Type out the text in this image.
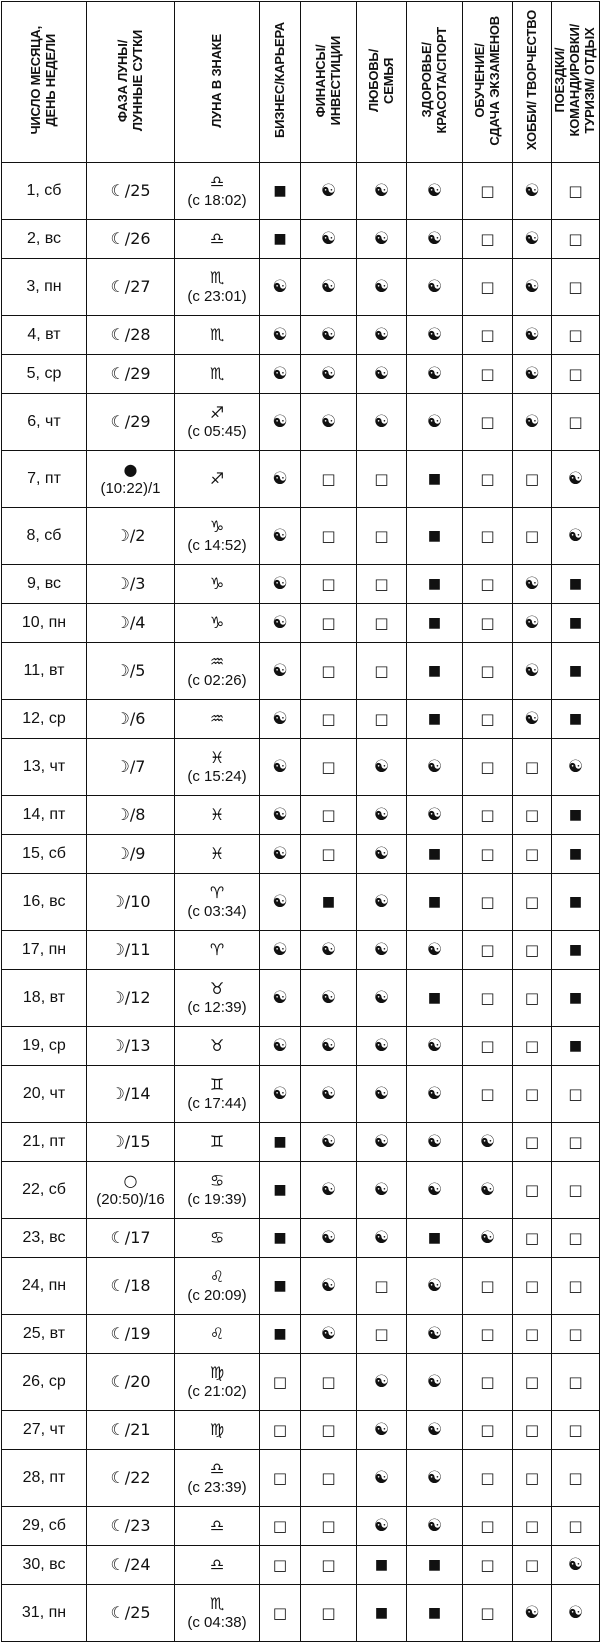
ЧИСЛО МЕСЯЦА,
ДЕНЬ НЕДЕЛИ	ФАЗА ЛУНЫ/
ЛУННЫЕ СУТКИ	ЛУНА В ЗНАКЕ	БИЗНЕС/КАРЬЕРА	ФИНАНСЫ/
ИНВЕСТИЦИИ	ЛЮБОВЬ/
СЕМЬЯ	ЗДОРОВЬЕ/
КРАСОТА/СПОРТ	ОБУЧЕНИЕ/
СДАЧА ЭКЗАМЕНОВ	ХОББИ/ ТВОРЧЕСТВО	ПОЕЗДКИ/
КОМАНДИРОВКИ/
ТУРИЗМ/ ОТДЫХ
1, сб	☾/25	♎
(с 18:02)	■	☯	☯	☯	□	☯	□
2, вс	☾/26	♎	■	☯	☯	☯	□	☯	□
3, пн	☾/27	♏
(с 23:01)	☯	☯	☯	☯	□	☯	□
4, вт	☾/28	♏	☯	☯	☯	☯	□	☯	□
5, ср	☾/29	♏	☯	☯	☯	☯	□	☯	□
6, чт	☾/29	♐
(с 05:45)	☯	☯	☯	☯	□	☯	□
7, пт	●
(10:22)/1	♐	☯	□	□	■	□	□	☯
8, сб	☽/2	♑
(с 14:52)	☯	□	□	■	□	□	☯
9, вс	☽/3	♑	☯	□	□	■	□	☯	■
10, пн	☽/4	♑	☯	□	□	■	□	☯	■
11, вт	☽/5	♒
(с 02:26)	☯	□	□	■	□	☯	■
12, ср	☽/6	♒	☯	□	□	■	□	☯	■
13, чт	☽/7	♓
(с 15:24)	☯	□	☯	☯	□	□	☯
14, пт	☽/8	♓	☯	□	☯	☯	□	□	■
15, сб	☽/9	♓	☯	□	☯	■	□	□	■
16, вс	☽/10	♈
(с 03:34)	☯	■	☯	■	□	□	■
17, пн	☽/11	♈	☯	☯	☯	☯	□	□	■
18, вт	☽/12	♉
(с 12:39)	☯	☯	☯	■	□	□	■
19, ср	☽/13	♉	☯	☯	☯	☯	□	□	■
20, чт	☽/14	♊
(с 17:44)	☯	☯	☯	☯	□	□	□
21, пт	☽/15	♊	■	☯	☯	☯	☯	□	□
22, сб	○
(20:50)/16	♋
(с 19:39)	■	☯	☯	☯	☯	□	□
23, вс	☾/17	♋	■	☯	☯	■	☯	□	□
24, пн	☾/18	♌
(с 20:09)	■	☯	□	☯	□	□	□
25, вт	☾/19	♌	■	☯	□	☯	□	□	□
26, ср	☾/20	♍
(с 21:02)	□	□	☯	☯	□	□	□
27, чт	☾/21	♍	□	□	☯	☯	□	□	□
28, пт	☾/22	♎
(с 23:39)	□	□	☯	☯	□	□	□
29, сб	☾/23	♎	□	□	☯	☯	□	□	□
30, вс	☾/24	♎	□	□	■	■	□	□	☯
31, пн	☾/25	♏
(с 04:38)	□	□	■	■	□	☯	☯
